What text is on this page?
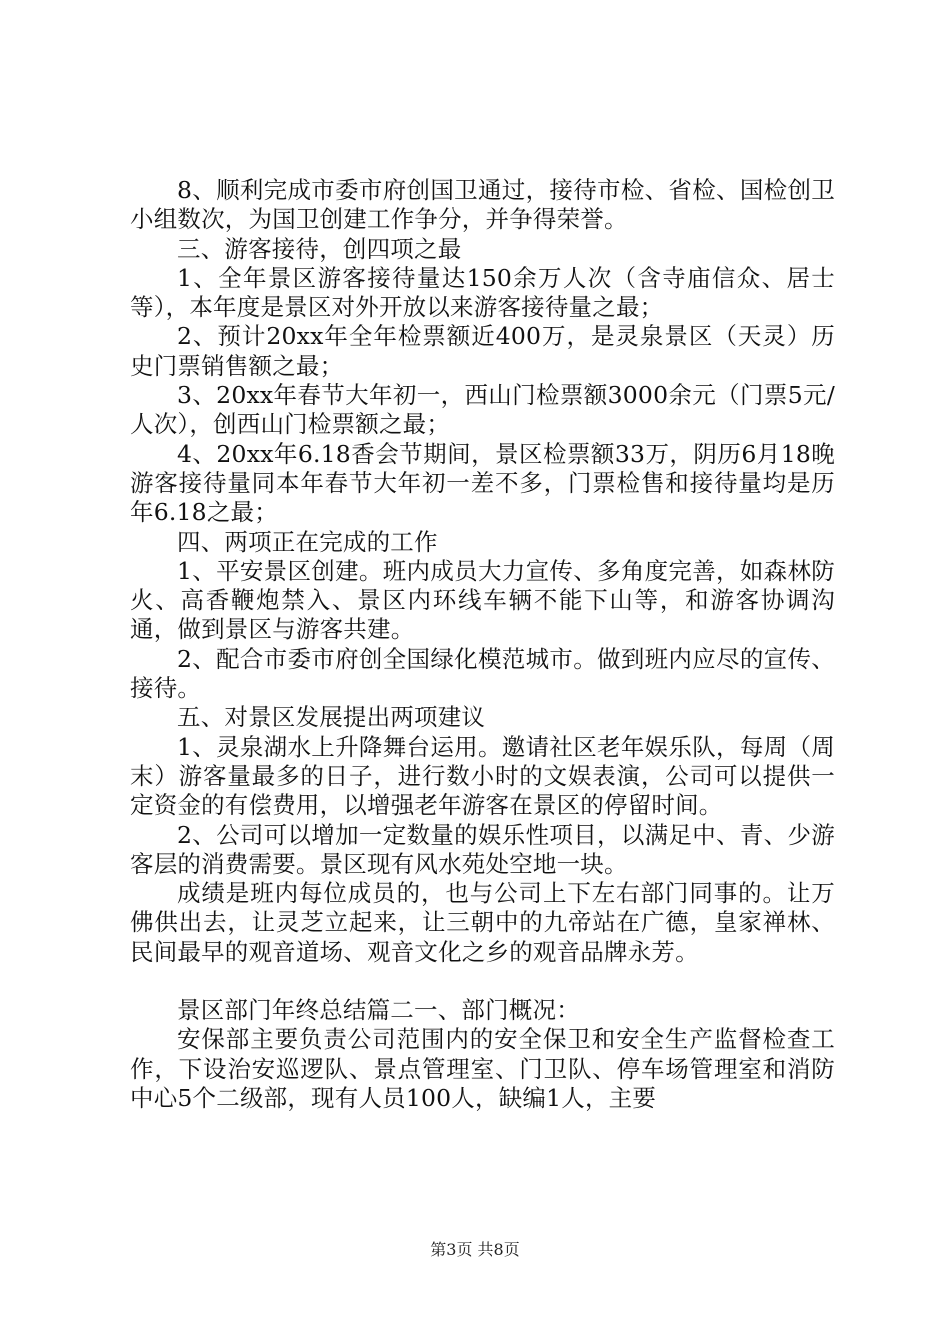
8、顺利完成市委市府创国卫通过，接待市检、省检、国检创卫小组数次，为国卫创建工作争分，并争得荣誉。

三、游客接待，创四项之最

1、全年景区游客接待量达150余万人次（含寺庙信众、居士等），本年度是景区对外开放以来游客接待量之最；

2、预计20xx年全年检票额近400万，是灵泉景区（天灵）历史门票销售额之最；

3、20xx年春节大年初一，西山门检票额3000余元（门票5元/人次），创西山门检票额之最；

4、20xx年6.18香会节期间，景区检票额33万，阴历6月18晚游客接待量同本年春节大年初一差不多，门票检售和接待量均是历年6.18之最；

四、两项正在完成的工作

1、平安景区创建。班内成员大力宣传、多角度完善，如森林防火、高香鞭炮禁入、景区内环线车辆不能下山等，和游客协调沟通，做到景区与游客共建。

2、配合市委市府创全国绿化模范城市。做到班内应尽的宣传、接待。

五、对景区发展提出两项建议

1、灵泉湖水上升降舞台运用。邀请社区老年娱乐队，每周（周末）游客量最多的日子，进行数小时的文娱表演，公司可以提供一定资金的有偿费用，以增强老年游客在景区的停留时间。

2、公司可以增加一定数量的娱乐性项目，以满足中、青、少游客层的消费需要。景区现有风水苑处空地一块。

成绩是班内每位成员的，也与公司上下左右部门同事的。让万佛供出去，让灵芝立起来，让三朝中的九帝站在广德，皇家禅林、民间最早的观音道场、观音文化之乡的观音品牌永芳。

景区部门年终总结篇二一、部门概况：

安保部主要负责公司范围内的安全保卫和安全生产监督检查工作，下设治安巡逻队、景点管理室、门卫队、停车场管理室和消防中心5个二级部，现有人员100人，缺编1人，主要

第3页 共8页
